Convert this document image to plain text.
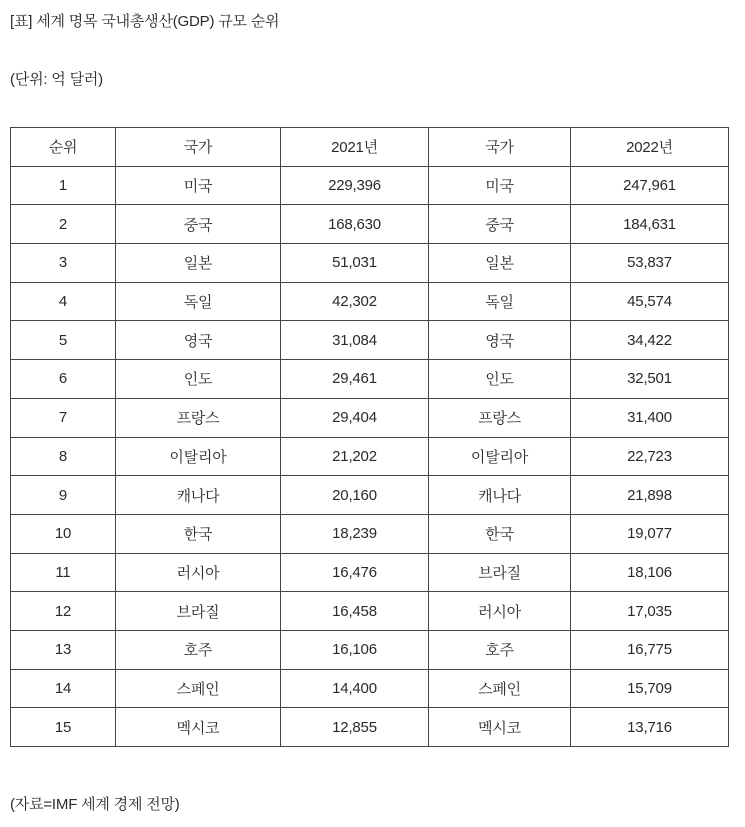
[표] 세계 명목 국내총생산(GDP) 규모 순위
(단위: 억 달러)
순위	국가	2021년	국가	2022년
1	미국	229,396	미국	247,961
2	중국	168,630	중국	184,631
3	일본	51,031	일본	53,837
4	독일	42,302	독일	45,574
5	영국	31,084	영국	34,422
6	인도	29,461	인도	32,501
7	프랑스	29,404	프랑스	31,400
8	이탈리아	21,202	이탈리아	22,723
9	캐나다	20,160	캐나다	21,898
10	한국	18,239	한국	19,077
11	러시아	16,476	브라질	18,106
12	브라질	16,458	러시아	17,035
13	호주	16,106	호주	16,775
14	스페인	14,400	스페인	15,709
15	멕시코	12,855	멕시코	13,716
(자료=IMF 세계 경제 전망)
